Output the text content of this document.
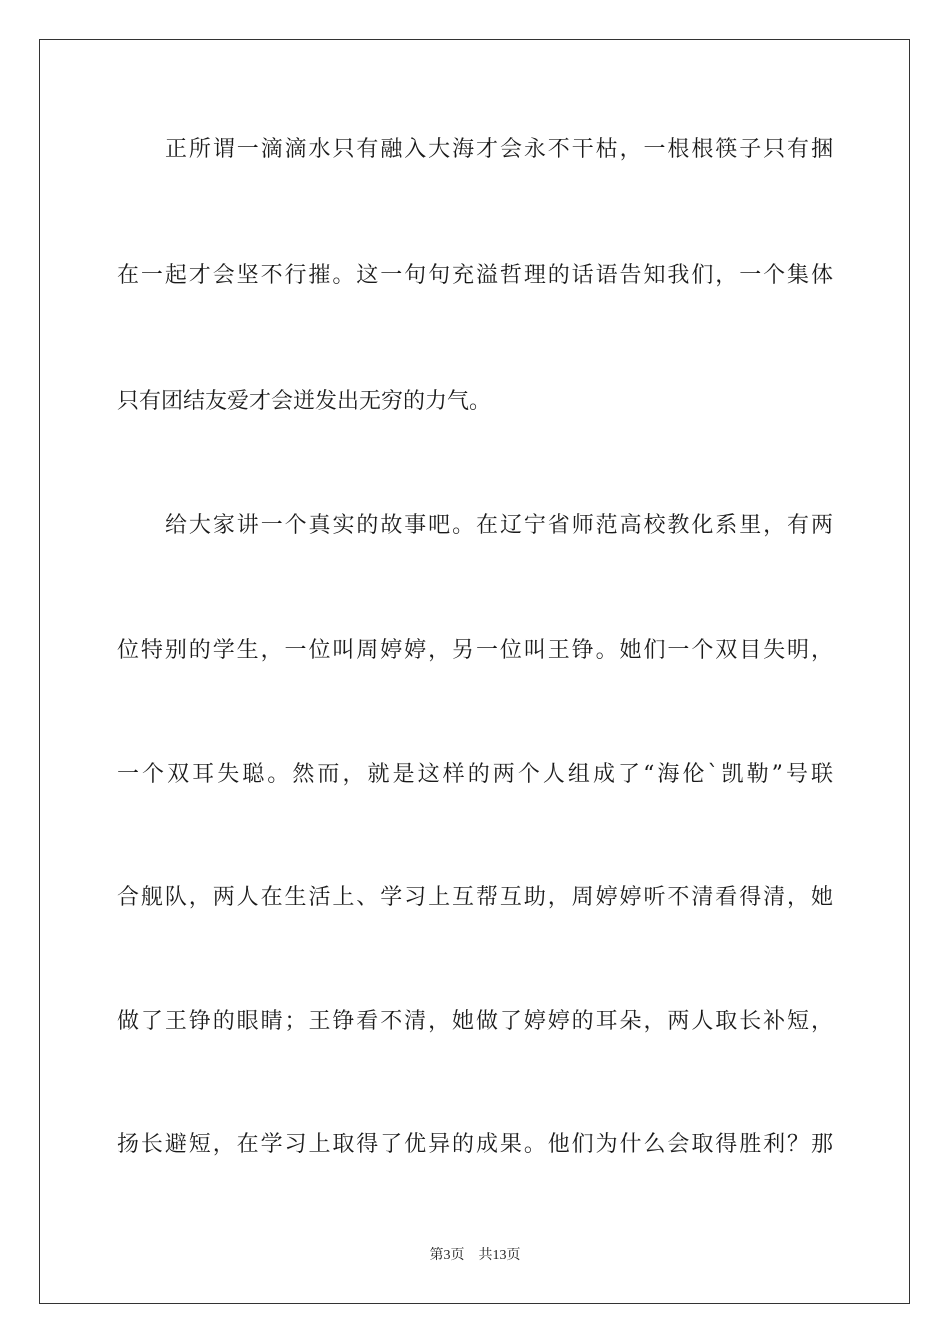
正所谓一滴滴水只有融入大海才会永不干枯，一根根筷子只有捆
在一起才会坚不行摧。这一句句充溢哲理的话语告知我们，一个集体
只有团结友爱才会迸发出无穷的力气。
给大家讲一个真实的故事吧。在辽宁省师范高校教化系里，有两
位特别的学生，一位叫周婷婷，另一位叫王铮。她们一个双目失明，
一个双耳失聪。然而，就是这样的两个人组成了“海伦`凯勒”号联
合舰队，两人在生活上、学习上互帮互助，周婷婷听不清看得清，她
做了王铮的眼睛；王铮看不清，她做了婷婷的耳朵，两人取长补短，
扬长避短，在学习上取得了优异的成果。他们为什么会取得胜利？那
第3页 共13页
